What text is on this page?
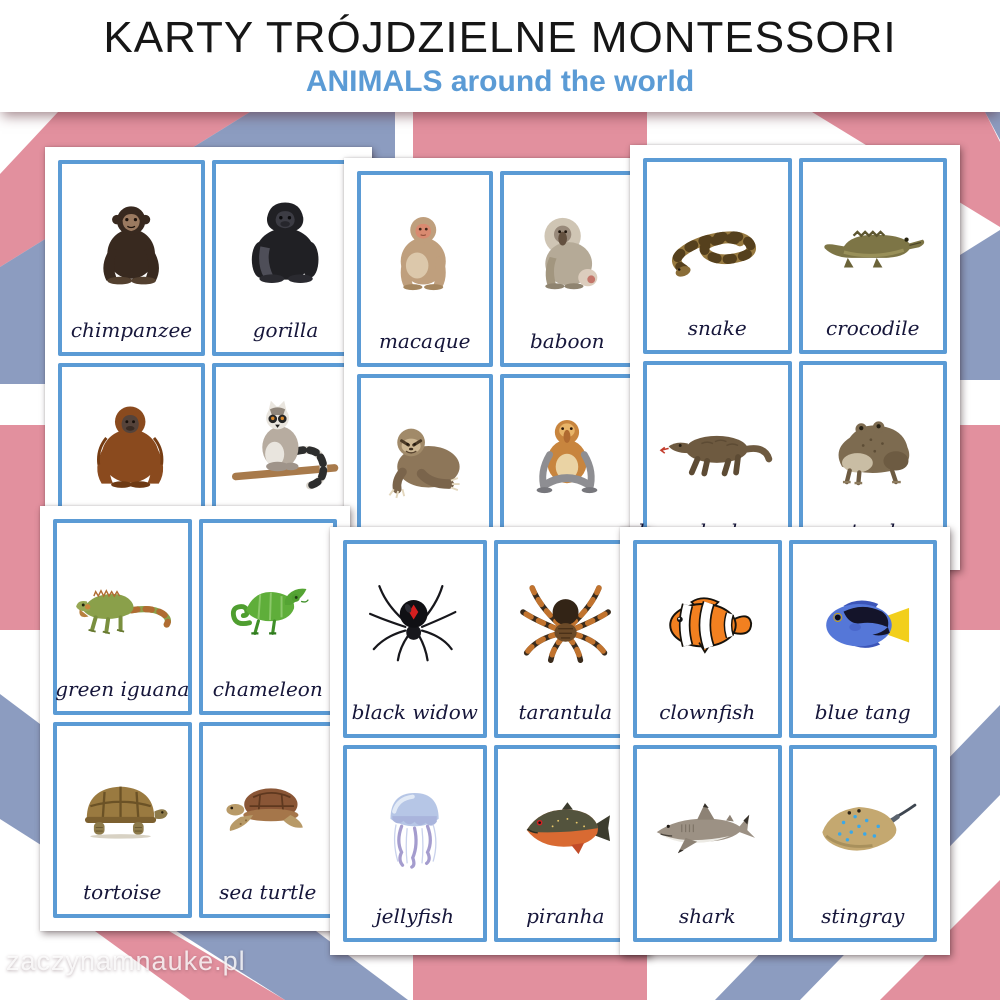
KARTY TRÓJDZIELNE MONTESSORI
ANIMALS around the world
chimpanzee	gorilla	macaque	baboon
snake	crocodile
green iguana	chameleon
tortoise	sea turtle
black widow	tarantula
jellyfish	piranha
clownfish	blue tang
shark	stingray
zaczynamnauke.pl
